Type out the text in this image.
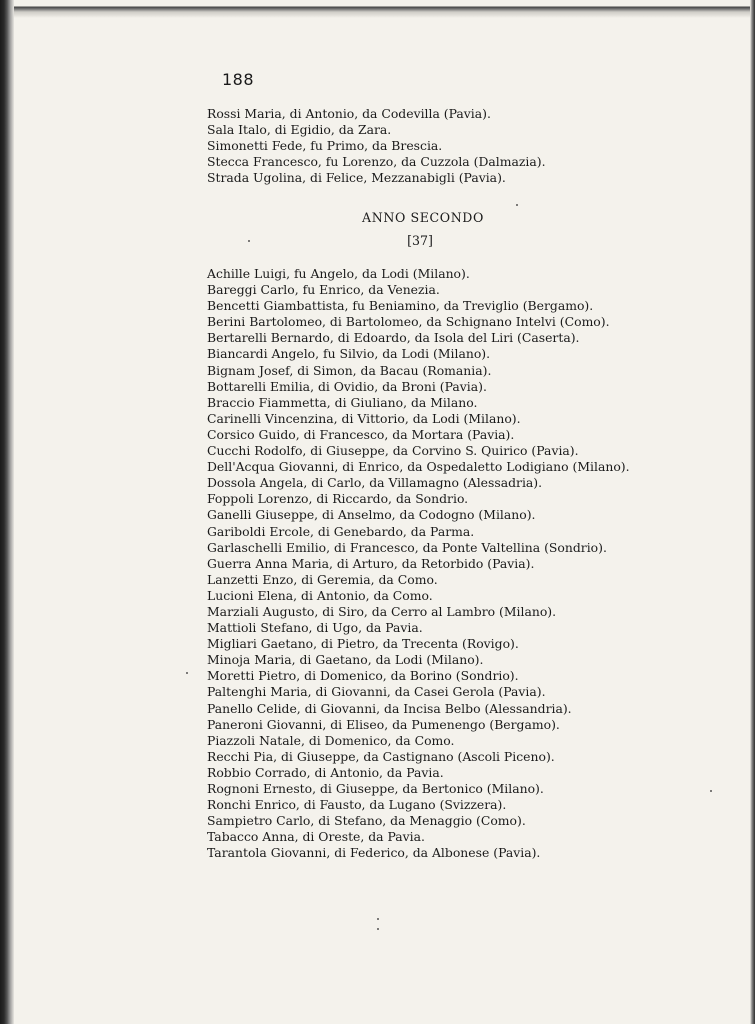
188
Rossi Maria, di Antonio, da Codevilla (Pavia).
Sala Italo, di Egidio, da Zara.
Simonetti Fede, fu Primo, da Brescia.
Stecca Francesco, fu Lorenzo, da Cuzzola (Dalmazia).
Strada Ugolina, di Felice, Mezzanabigli (Pavia).
ANNO SECONDO
[37]
Achille Luigi, fu Angelo, da Lodi (Milano).
Bareggi Carlo, fu Enrico, da Venezia.
Bencetti Giambattista, fu Beniamino, da Treviglio (Bergamo).
Berini Bartolomeo, di Bartolomeo, da Schignano Intelvi (Como).
Bertarelli Bernardo, di Edoardo, da Isola del Liri (Caserta).
Biancardi Angelo, fu Silvio, da Lodi (Milano).
Bignam Josef, di Simon, da Bacau (Romania).
Bottarelli Emilia, di Ovidio, da Broni (Pavia).
Braccio Fiammetta, di Giuliano, da Milano.
Carinelli Vincenzina, di Vittorio, da Lodi (Milano).
Corsico Guido, di Francesco, da Mortara (Pavia).
Cucchi Rodolfo, di Giuseppe, da Corvino S. Quirico (Pavia).
Dell'Acqua Giovanni, di Enrico, da Ospedaletto Lodigiano (Milano).
Dossola Angela, di Carlo, da Villamagno (Alessadria).
Foppoli Lorenzo, di Riccardo, da Sondrio.
Ganelli Giuseppe, di Anselmo, da Codogno (Milano).
Gariboldi Ercole, di Genebardo, da Parma.
Garlaschelli Emilio, di Francesco, da Ponte Valtellina (Sondrio).
Guerra Anna Maria, di Arturo, da Retorbido (Pavia).
Lanzetti Enzo, di Geremia, da Como.
Lucioni Elena, di Antonio, da Como.
Marziali Augusto, di Siro, da Cerro al Lambro (Milano).
Mattioli Stefano, di Ugo, da Pavia.
Migliari Gaetano, di Pietro, da Trecenta (Rovigo).
Minoja Maria, di Gaetano, da Lodi (Milano).
Moretti Pietro, di Domenico, da Borino (Sondrio).
Paltenghi Maria, di Giovanni, da Casei Gerola (Pavia).
Panello Celide, di Giovanni, da Incisa Belbo (Alessandria).
Paneroni Giovanni, di Eliseo, da Pumenengo (Bergamo).
Piazzoli Natale, di Domenico, da Como.
Recchi Pia, di Giuseppe, da Castignano (Ascoli Piceno).
Robbio Corrado, di Antonio, da Pavia.
Rognoni Ernesto, di Giuseppe, da Bertonico (Milano).
Ronchi Enrico, di Fausto, da Lugano (Svizzera).
Sampietro Carlo, di Stefano, da Menaggio (Como).
Tabacco Anna, di Oreste, da Pavia.
Tarantola Giovanni, di Federico, da Albonese (Pavia).
